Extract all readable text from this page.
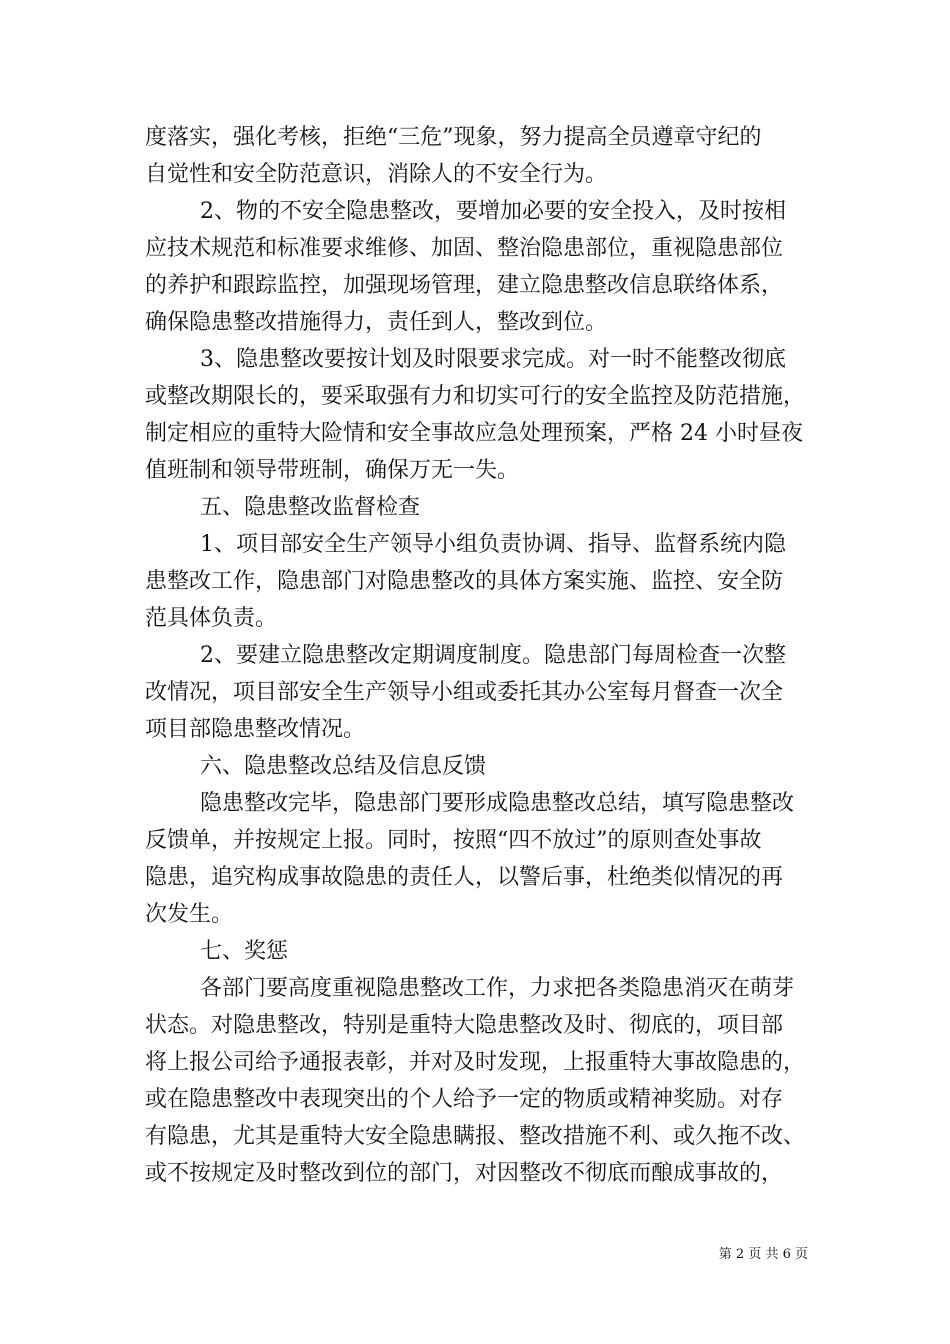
度落实，强化考核，拒绝“三危”现象，努力提高全员遵章守纪的
自觉性和安全防范意识，消除人的不安全行为。
2、物的不安全隐患整改，要增加必要的安全投入，及时按相
应技术规范和标准要求维修、加固、整治隐患部位，重视隐患部位
的养护和跟踪监控，加强现场管理，建立隐患整改信息联络体系，
确保隐患整改措施得力，责任到人，整改到位。
3、隐患整改要按计划及时限要求完成。对一时不能整改彻底
或整改期限长的，要采取强有力和切实可行的安全监控及防范措施，
制定相应的重特大险情和安全事故应急处理预案，严格 24 小时昼夜
值班制和领导带班制，确保万无一失。
五、隐患整改监督检查
1、项目部安全生产领导小组负责协调、指导、监督系统内隐
患整改工作，隐患部门对隐患整改的具体方案实施、监控、安全防
范具体负责。
2、要建立隐患整改定期调度制度。隐患部门每周检查一次整
改情况，项目部安全生产领导小组或委托其办公室每月督查一次全
项目部隐患整改情况。
六、隐患整改总结及信息反馈
隐患整改完毕，隐患部门要形成隐患整改总结，填写隐患整改
反馈单，并按规定上报。同时，按照“四不放过”的原则查处事故
隐患，追究构成事故隐患的责任人，以警后事，杜绝类似情况的再
次发生。
七、奖惩
各部门要高度重视隐患整改工作，力求把各类隐患消灭在萌芽
状态。对隐患整改，特别是重特大隐患整改及时、彻底的，项目部
将上报公司给予通报表彰，并对及时发现，上报重特大事故隐患的，
或在隐患整改中表现突出的个人给予一定的物质或精神奖励。对存
有隐患，尤其是重特大安全隐患瞒报、整改措施不利、或久拖不改、
或不按规定及时整改到位的部门，对因整改不彻底而酿成事故的，
第 2 页 共 6 页
